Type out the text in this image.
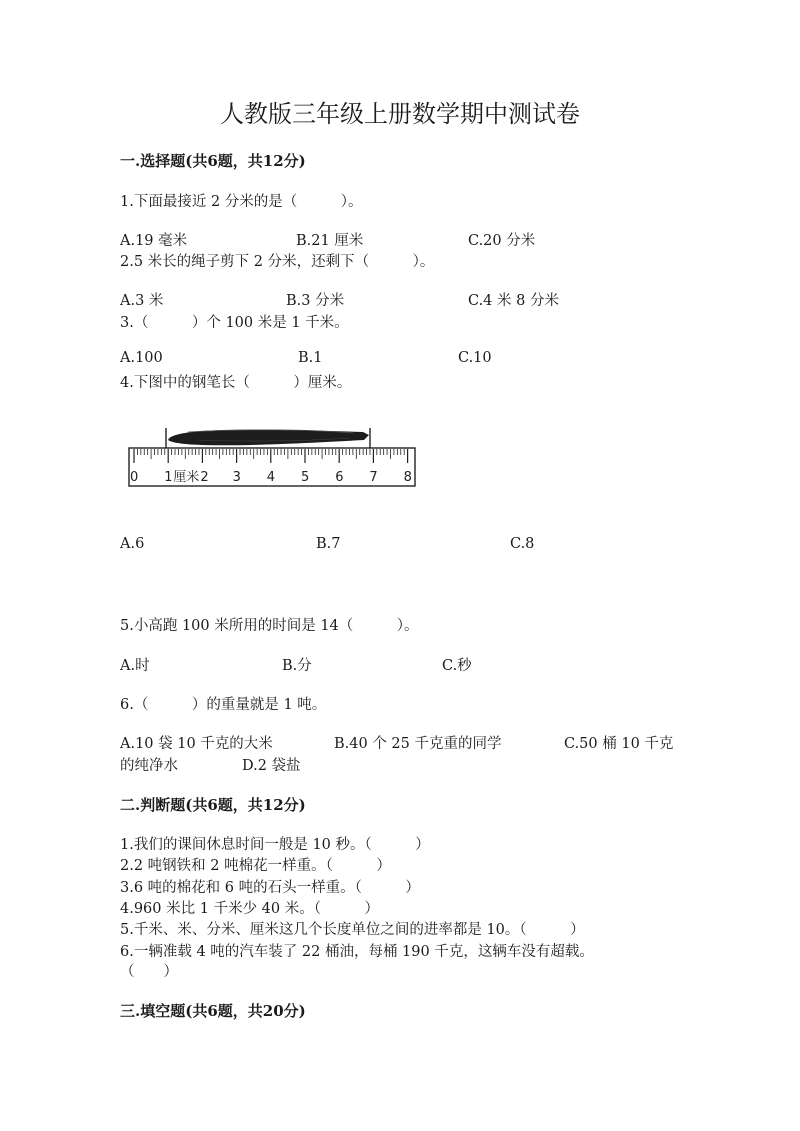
人教版三年级上册数学期中测试卷
一.选择题(共6题，共12分)
1.下面最接近 2 分米的是（　　　）。
A.19 毫米	B.21 厘米	C.20 分米
2.5 米长的绳子剪下 2 分米，还剩下（　　　）。
A.3 米	B.3 分米	C.4 米 8 分米
3.（　　　）个 100 米是 1 千米。
A.100	B.1	C.10
4.下图中的钢笔长（　　　）厘米。
0 1 2 3 4 5 6 7 8
厘米
A.6	B.7	C.8
5.小高跑 100 米所用的时间是 14（　　　）。
A.时	B.分	C.秒
6.（　　　）的重量就是 1 吨。
A.10 袋 10 千克的大米	B.40 个 25 千克重的同学	C.50 桶 10 千克
的纯净水	D.2 袋盐
二.判断题(共6题，共12分)
1.我们的课间休息时间一般是 10 秒。（　　　）
2.2 吨钢铁和 2 吨棉花一样重。（　　　）
3.6 吨的棉花和 6 吨的石头一样重。（　　　）
4.960 米比 1 千米少 40 米。（　　　）
5.千米、米、分米、厘米这几个长度单位之间的进率都是 10。（　　　）
6.一辆准载 4 吨的汽车装了 22 桶油，每桶 190 千克，这辆车没有超载。
（　　）
三.填空题(共6题，共20分)
